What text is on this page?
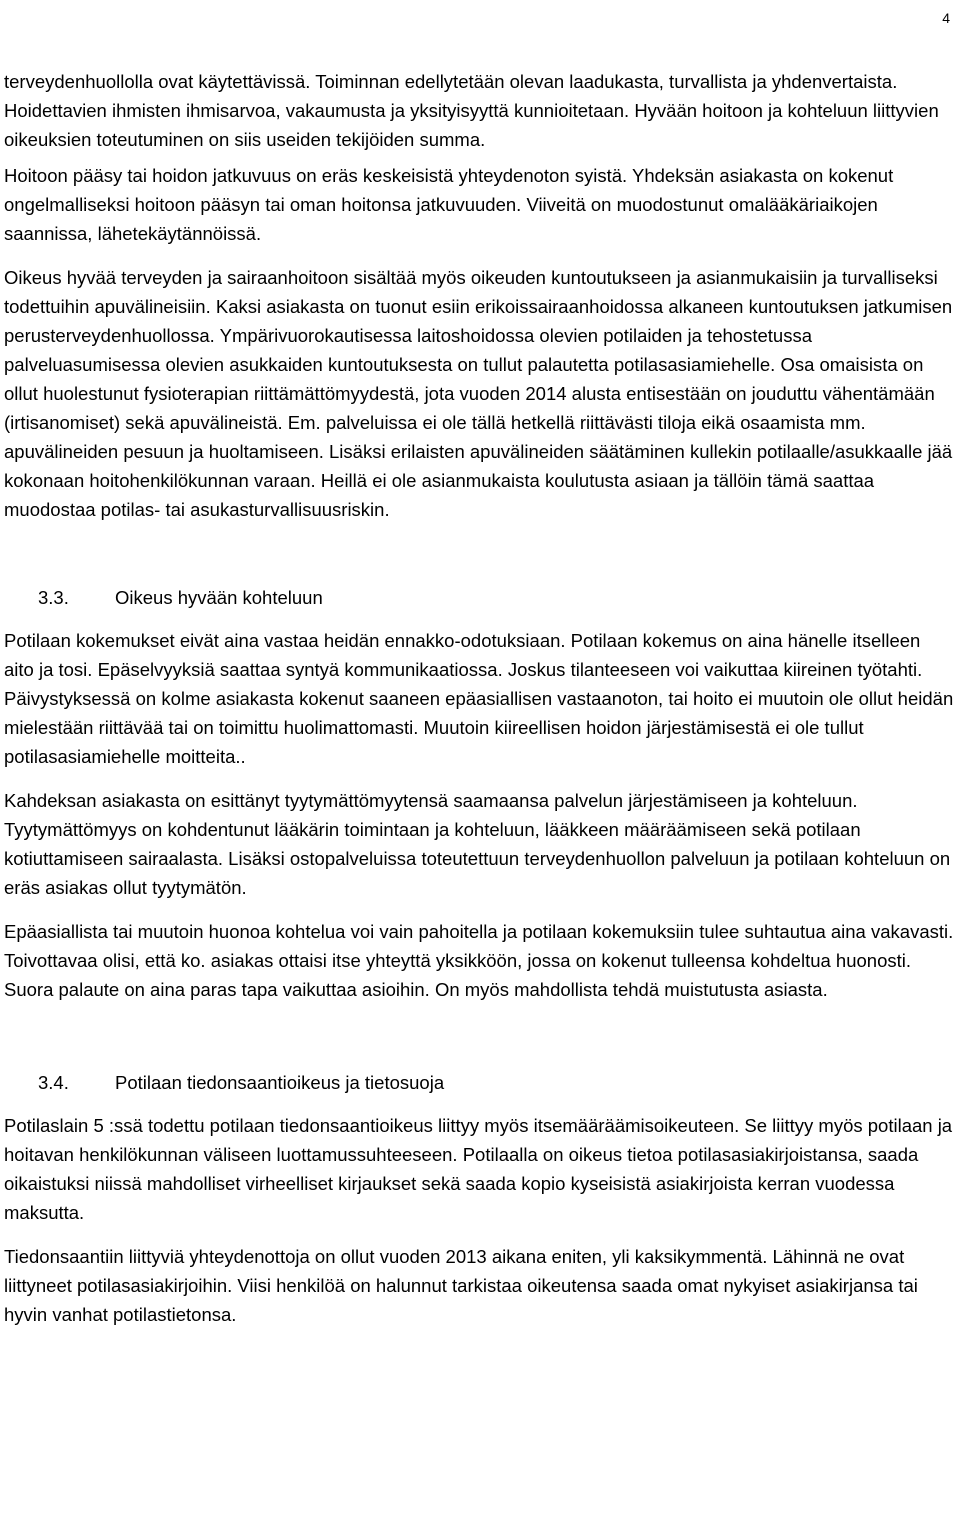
4

terveydenhuollolla ovat käytettävissä. Toiminnan edellytetään olevan laadukasta, turvallista ja yhdenvertaista. Hoidettavien ihmisten ihmisarvoa, vakaumusta ja yksityisyyttä kunnioitetaan. Hyvään hoitoon ja kohteluun liittyvien oikeuksien toteutuminen on siis useiden tekijöiden summa.

Hoitoon pääsy tai hoidon jatkuvuus on eräs keskeisistä yhteydenoton syistä. Yhdeksän asiakasta on kokenut ongelmalliseksi hoitoon pääsyn tai oman hoitonsa jatkuvuuden. Viiveitä on muodostunut omalääkäriaikojen saannissa, lähetekäytännöissä.

Oikeus hyvää terveyden ja sairaanhoitoon sisältää myös oikeuden kuntoutukseen ja asianmukaisiin ja turvalliseksi todettuihin apuvälineisiin. Kaksi asiakasta on tuonut esiin erikoissairaanhoidossa alkaneen kuntoutuksen jatkumisen perusterveydenhuollossa. Ympärivuorokautisessa laitoshoidossa olevien potilaiden ja tehostetussa palveluasumisessa olevien asukkaiden kuntoutuksesta on tullut palautetta potilasasiamiehelle. Osa omaisista on ollut huolestunut fysioterapian riittämättömyydestä, jota vuoden 2014 alusta entisestään on jouduttu vähentämään (irtisanomiset) sekä apuvälineistä. Em. palveluissa ei ole tällä hetkellä riittävästi tiloja eikä osaamista mm. apuvälineiden pesuun ja huoltamiseen. Lisäksi erilaisten apuvälineiden säätäminen kullekin potilaalle/asukkaalle jää kokonaan hoitohenkilökunnan varaan. Heillä ei ole asianmukaista koulutusta asiaan ja tällöin tämä saattaa muodostaa potilas- tai asukasturvallisuusriskin.

3.3.	Oikeus hyvään kohteluun

Potilaan kokemukset eivät aina vastaa heidän ennakko-odotuksiaan. Potilaan kokemus on aina hänelle itselleen aito ja tosi. Epäselvyyksiä saattaa syntyä kommunikaatiossa. Joskus tilanteeseen voi vaikuttaa kiireinen työtahti. Päivystyksessä on kolme asiakasta kokenut saaneen epäasiallisen vastaanoton, tai hoito ei muutoin ole ollut heidän mielestään riittävää tai on toimittu huolimattomasti. Muutoin kiireellisen hoidon järjestämisestä ei ole tullut potilasasiamiehelle moitteita..

Kahdeksan asiakasta on esittänyt tyytymättömyytensä saamaansa palvelun järjestämiseen ja kohteluun. Tyytymättömyys on kohdentunut lääkärin toimintaan ja kohteluun, lääkkeen määräämiseen sekä potilaan kotiuttamiseen sairaalasta. Lisäksi ostopalveluissa toteutettuun terveydenhuollon palveluun ja potilaan kohteluun on eräs asiakas ollut tyytymätön.

Epäasiallista tai muutoin huonoa kohtelua voi vain pahoitella ja potilaan kokemuksiin tulee suhtautua aina vakavasti. Toivottavaa olisi, että ko. asiakas ottaisi itse yhteyttä yksikköön, jossa on kokenut tulleensa kohdeltua huonosti. Suora palaute on aina paras tapa vaikuttaa asioihin. On myös mahdollista tehdä muistutusta asiasta.

3.4.	Potilaan tiedonsaantioikeus ja tietosuoja

Potilaslain 5 :ssä todettu potilaan tiedonsaantioikeus liittyy myös itsemääräämisoikeuteen. Se liittyy myös potilaan ja hoitavan henkilökunnan väliseen luottamussuhteeseen. Potilaalla on oikeus tietoa potilasasiakirjoistansa, saada oikaistuksi niissä mahdolliset virheelliset kirjaukset sekä saada kopio kyseisistä asiakirjoista kerran vuodessa maksutta.

Tiedonsaantiin liittyviä yhteydenottoja on ollut vuoden 2013 aikana eniten, yli kaksikymmentä. Lähinnä ne ovat liittyneet potilasasiakirjoihin. Viisi henkilöä on halunnut tarkistaa oikeutensa saada omat nykyiset asiakirjansa tai hyvin vanhat potilastietonsa.
